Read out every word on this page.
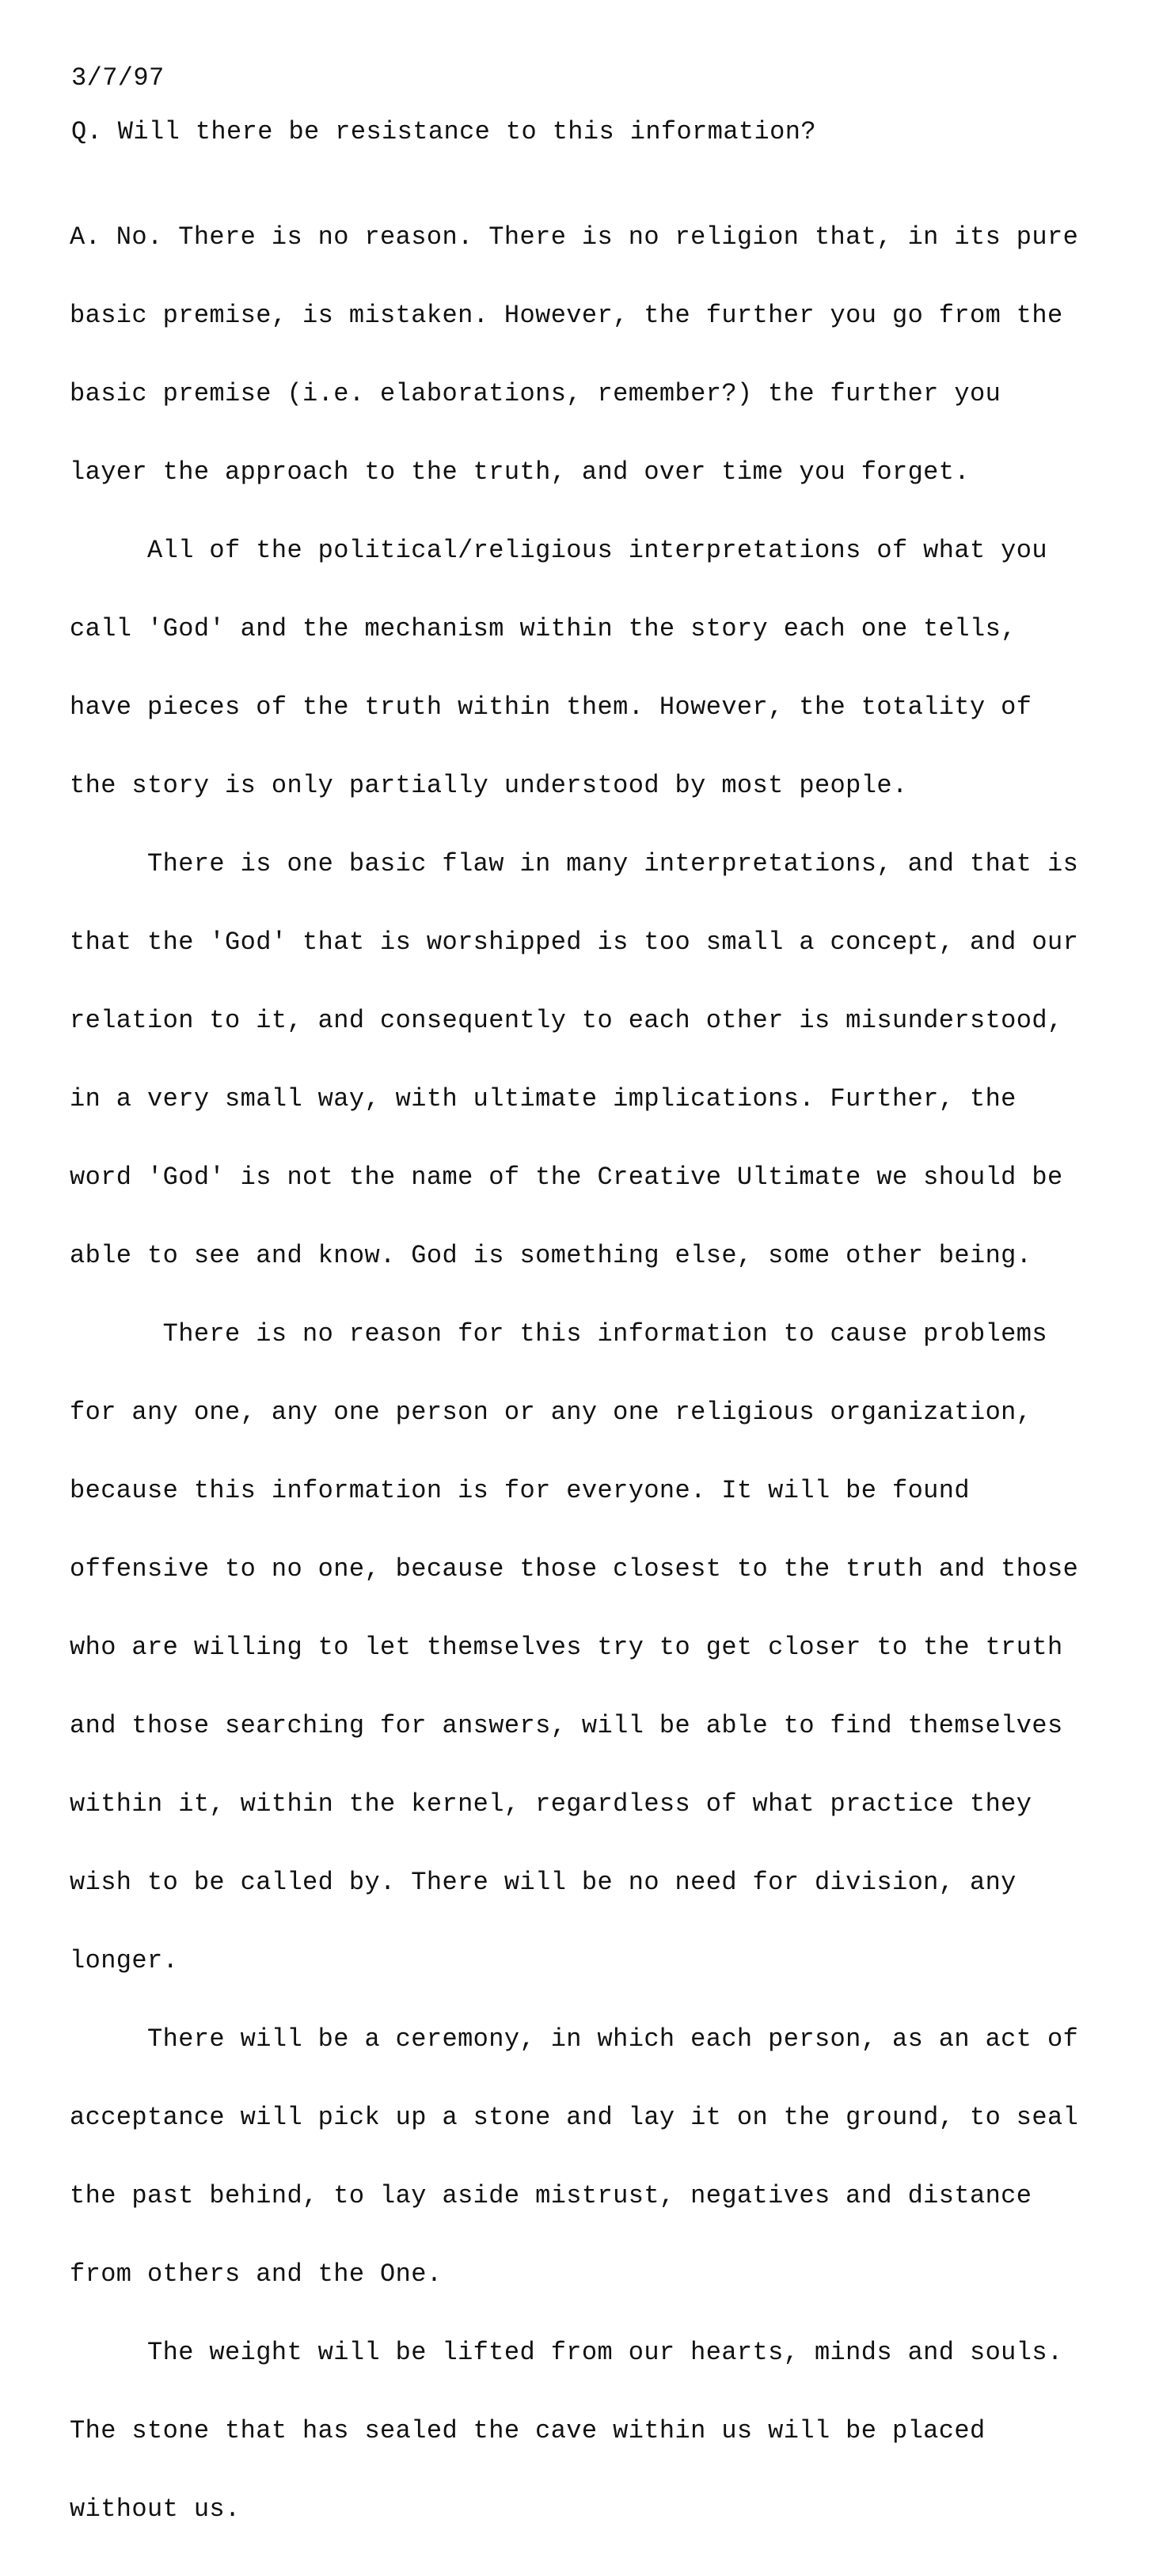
3/7/97

Q. Will there be resistance to this information?

A. No. There is no reason. There is no religion that, in its pure

basic premise, is mistaken. However, the further you go from the

basic premise (i.e. elaborations, remember?) the further you

layer the approach to the truth, and over time you forget.

All of the political/religious interpretations of what you

call 'God' and the mechanism within the story each one tells,

have pieces of the truth within them. However, the totality of

the story is only partially understood by most people.

There is one basic flaw in many interpretations, and that is

that the 'God' that is worshipped is too small a concept, and our

relation to it, and consequently to each other is misunderstood,

in a very small way, with ultimate implications. Further, the

word 'God' is not the name of the Creative Ultimate we should be

able to see and know. God is something else, some other being.

There is no reason for this information to cause problems

for any one, any one person or any one religious organization,

because this information is for everyone. It will be found

offensive to no one, because those closest to the truth and those

who are willing to let themselves try to get closer to the truth

and those searching for answers, will be able to find themselves

within it, within the kernel, regardless of what practice they

wish to be called by. There will be no need for division, any

longer.

There will be a ceremony, in which each person, as an act of

acceptance will pick up a stone and lay it on the ground, to seal

the past behind, to lay aside mistrust, negatives and distance

from others and the One.

The weight will be lifted from our hearts, minds and souls.

The stone that has sealed the cave within us will be placed

without us.
